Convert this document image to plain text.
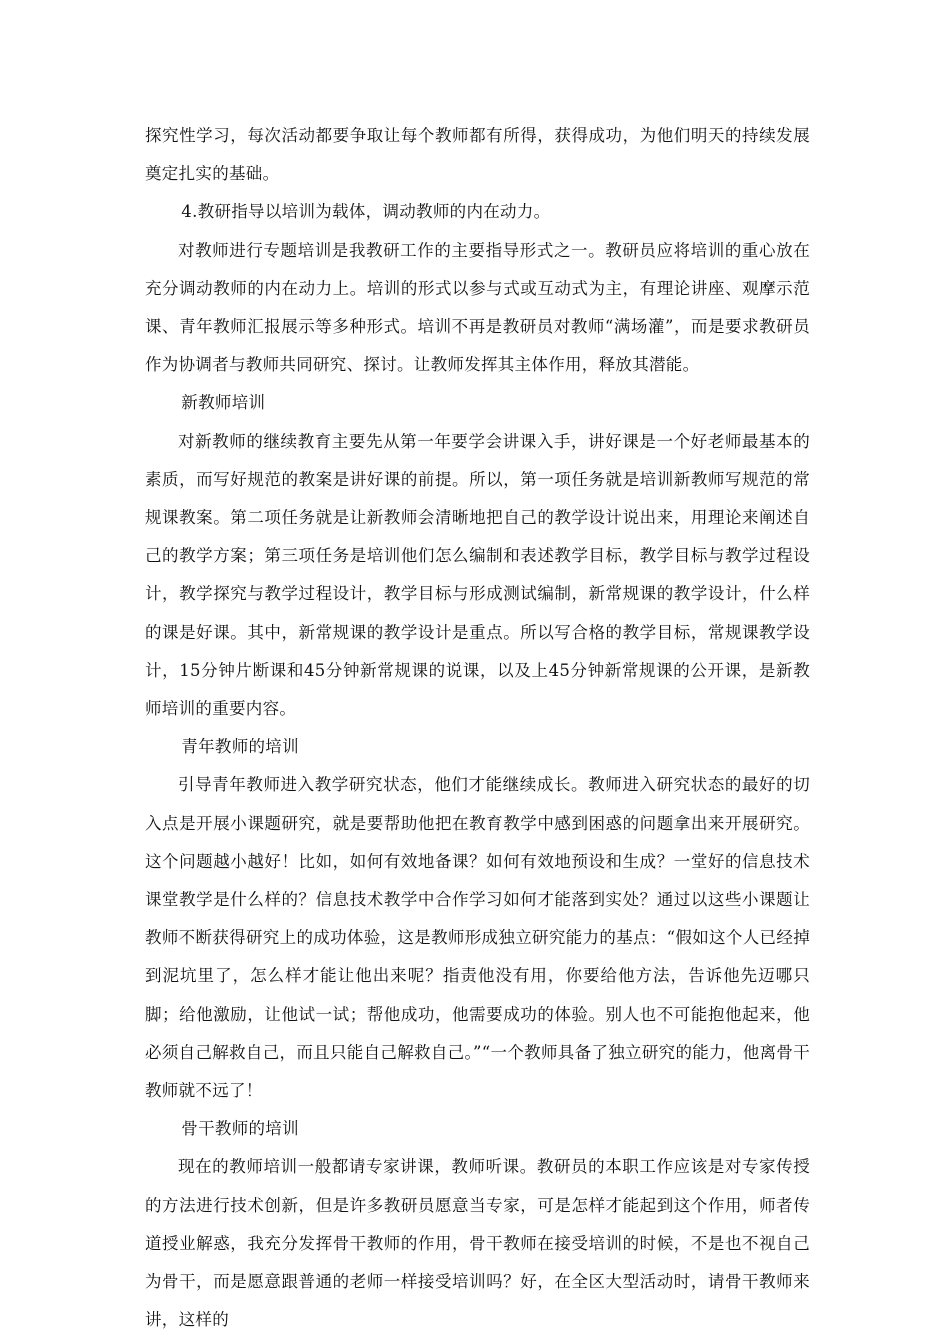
探究性学习，每次活动都要争取让每个教师都有所得，获得成功，为他们明天的持续发展奠定扎实的基础。

4.教研指导以培训为载体，调动教师的内在动力。

对教师进行专题培训是我教研工作的主要指导形式之一。教研员应将培训的重心放在充分调动教师的内在动力上。培训的形式以参与式或互动式为主，有理论讲座、观摩示范课、青年教师汇报展示等多种形式。培训不再是教研员对教师“满场灌”，而是要求教研员作为协调者与教师共同研究、探讨。让教师发挥其主体作用，释放其潜能。

新教师培训

对新教师的继续教育主要先从第一年要学会讲课入手，讲好课是一个好老师最基本的素质，而写好规范的教案是讲好课的前提。所以，第一项任务就是培训新教师写规范的常规课教案。第二项任务就是让新教师会清晰地把自己的教学设计说出来，用理论来阐述自己的教学方案；第三项任务是培训他们怎么编制和表述教学目标，教学目标与教学过程设计，教学探究与教学过程设计，教学目标与形成测试编制，新常规课的教学设计，什么样的课是好课。其中，新常规课的教学设计是重点。所以写合格的教学目标，常规课教学设计，15分钟片断课和45分钟新常规课的说课，以及上45分钟新常规课的公开课，是新教师培训的重要内容。

青年教师的培训

引导青年教师进入教学研究状态，他们才能继续成长。教师进入研究状态的最好的切入点是开展小课题研究，就是要帮助他把在教育教学中感到困惑的问题拿出来开展研究。这个问题越小越好！比如，如何有效地备课？如何有效地预设和生成？一堂好的信息技术课堂教学是什么样的？信息技术教学中合作学习如何才能落到实处？通过以这些小课题让教师不断获得研究上的成功体验，这是教师形成独立研究能力的基点：“假如这个人已经掉到泥坑里了，怎么样才能让他出来呢？指责他没有用，你要给他方法，告诉他先迈哪只脚；给他激励，让他试一试；帮他成功，他需要成功的体验。别人也不可能抱他起来，他必须自己解救自己，而且只能自己解救自己。”“一个教师具备了独立研究的能力，他离骨干教师就不远了！

骨干教师的培训

现在的教师培训一般都请专家讲课，教师听课。教研员的本职工作应该是对专家传授的方法进行技术创新，但是许多教研员愿意当专家，可是怎样才能起到这个作用，师者传道授业解惑，我充分发挥骨干教师的作用，骨干教师在接受培训的时候，不是也不视自己为骨干，而是愿意跟普通的老师一样接受培训吗？好，在全区大型活动时，请骨干教师来讲，这样的
